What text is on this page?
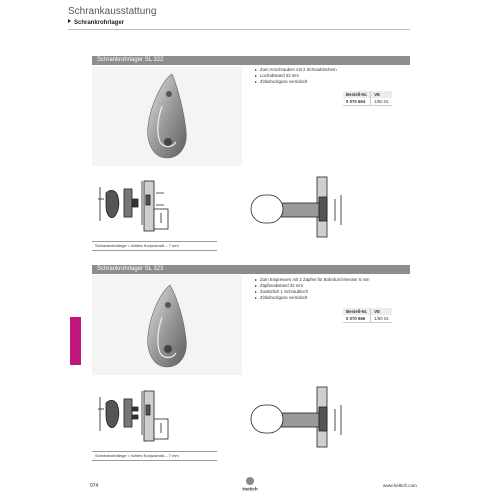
Schrankausstattung
Schrankrohrlager
Schrankrohrlager SL 322
Zum Anschrauben mit 2 Schraublöchern
Lochabstand 32 mm
Zinkdruckguss vernickelt
Bestell-Nr.	VE
0 070 664	1/50 St.
Schrankrohrlänge = lichtes Korpusmaß – 7 mm
Schrankrohrlager SL 323
Zum Einpressen mit 2 Zapfen für Bohrdurchmesser 5 mm
Zapfenabstand 32 mm
Zusätzlich 1 Schraubloch
Zinkdruckguss vernickelt
Bestell-Nr.	VE
0 070 666	1/50 St.
Schrankrohrlänge = lichtes Korpusmaß – 7 mm
974	Hettich
www.hettich.com
